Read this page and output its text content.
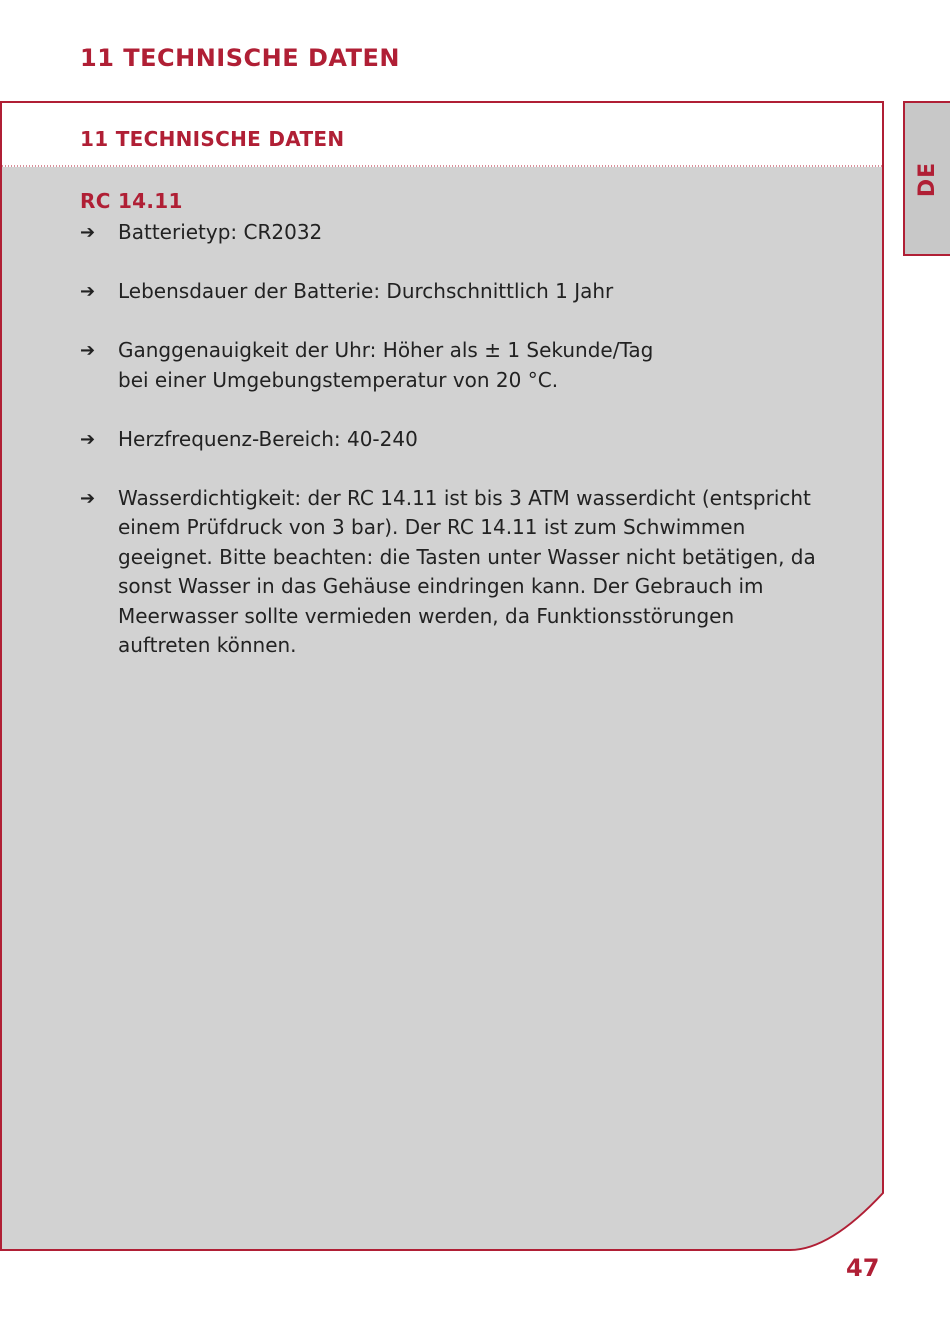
11 TECHNISCHE DATEN
11 TECHNISCHE DATEN
RC 14.11
➔ Batterietyp: CR2032
➔ Lebensdauer der Batterie: Durchschnittlich 1 Jahr
➔ Ganggenauigkeit der Uhr: Höher als ± 1 Sekunde/Tag
bei einer Umgebungstemperatur von 20 °C.
➔ Herzfrequenz-Bereich: 40-240
➔ Wasserdichtigkeit: der RC 14.11 ist bis 3 ATM wasserdicht (entspricht einem Prüfdruck von 3 bar). Der RC 14.11 ist zum Schwimmen geeignet. Bitte beachten: die Tasten unter Wasser nicht betätigen, da sonst Wasser in das Gehäuse eindringen kann. Der Gebrauch im Meerwasser sollte vermieden werden, da Funktionsstörungen auftreten können.
DE
47
